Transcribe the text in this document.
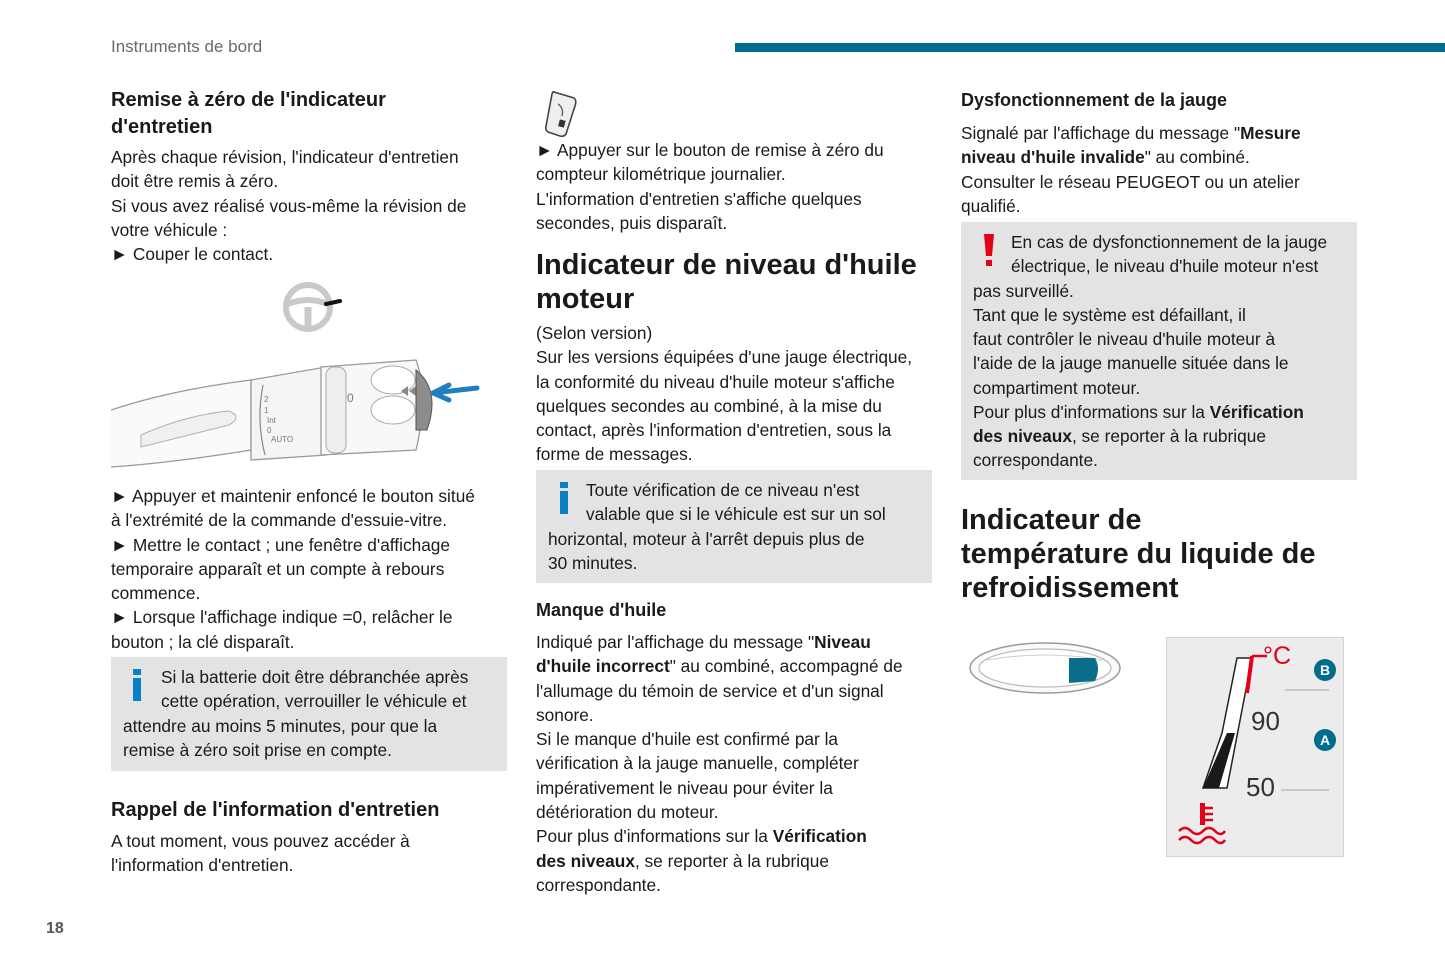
Instruments de bord
18
Remise à zéro de l'indicateur
d'entretien
Après chaque révision, l'indicateur d'entretien
doit être remis à zéro.
Si vous avez réalisé vous-même la révision de
votre véhicule :
► Couper le contact.
2
1
Int
0
AUTO
0
► Appuyer et maintenir enfoncé le bouton situé
à l'extrémité de la commande d'essuie-vitre.
► Mettre le contact ; une fenêtre d'affichage
temporaire apparaît et un compte à rebours
commence.
► Lorsque l'affichage indique =0, relâcher le
bouton ; la clé disparaît.
Si la batterie doit être débranchée après
cette opération, verrouiller le véhicule et
attendre au moins 5 minutes, pour que la
remise à zéro soit prise en compte.
Rappel de l'information d'entretien
A tout moment, vous pouvez accéder à
l'information d'entretien.
► Appuyer sur le bouton de remise à zéro du
compteur kilométrique journalier.
L'information d'entretien s'affiche quelques
secondes, puis disparaît.
Indicateur de niveau d'huile
moteur
(Selon version)
Sur les versions équipées d'une jauge électrique,
la conformité du niveau d'huile moteur s'affiche
quelques secondes au combiné, à la mise du
contact, après l'information d'entretien, sous la
forme de messages.
Toute vérification de ce niveau n'est
valable que si le véhicule est sur un sol
horizontal, moteur à l'arrêt depuis plus de
30 minutes.
Manque d'huile
Indiqué par l'affichage du message "Niveau
d'huile incorrect" au combiné, accompagné de
l'allumage du témoin de service et d'un signal
sonore.
Si le manque d'huile est confirmé par la
vérification à la jauge manuelle, compléter
impérativement le niveau pour éviter la
détérioration du moteur.
Pour plus d'informations sur la Vérification
des niveaux, se reporter à la rubrique
correspondante.
Dysfonctionnement de la jauge
Signalé par l'affichage du message "Mesure
niveau d'huile invalide" au combiné.
Consulter le réseau PEUGEOT ou un atelier
qualifié.
En cas de dysfonctionnement de la jauge
électrique, le niveau d'huile moteur n'est
pas surveillé.
Tant que le système est défaillant, il
faut contrôler le niveau d'huile moteur à
l'aide de la jauge manuelle située dans le
compartiment moteur.
Pour plus d'informations sur la Vérification
des niveaux, se reporter à la rubrique
correspondante.
Indicateur de
température du liquide de
refroidissement
°C
90
50
B
A
